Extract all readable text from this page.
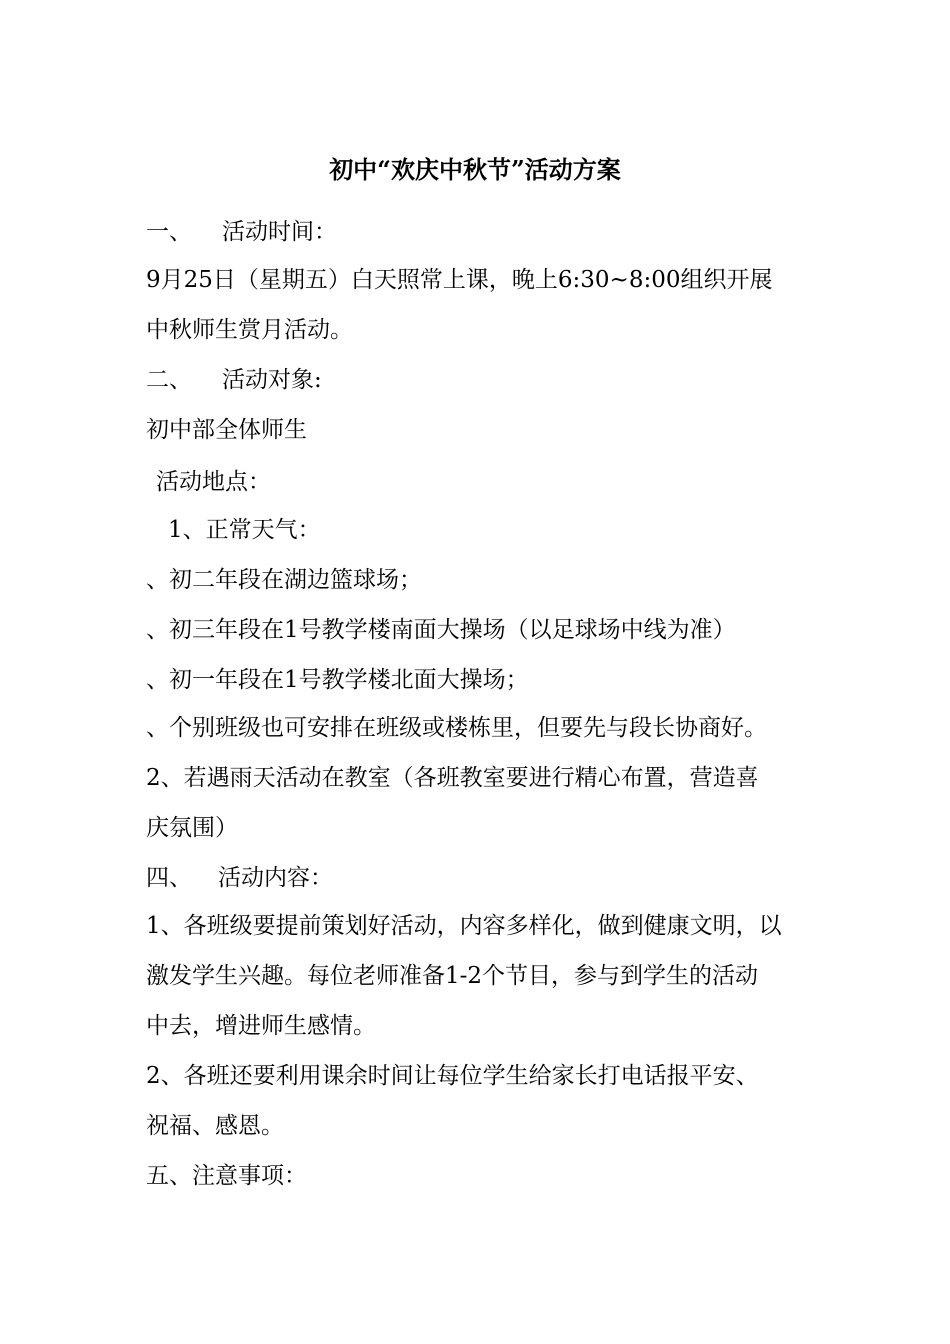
初中“欢庆中秋节”活动方案
一、 活动时间：
9月25日（星期五）白天照常上课，晚上6:30~8:00组织开展
中秋师生赏月活动。
二、 活动对象:
初中部全体师生
活动地点：
1、正常天气：
、初二年段在湖边篮球场；
、初三年段在1号教学楼南面大操场（以足球场中线为准）
、初一年段在1号教学楼北面大操场；
、个别班级也可安排在班级或楼栋里，但要先与段长协商好。
2、若遇雨天活动在教室（各班教室要进行精心布置，营造喜
庆氛围）
四、 活动内容：
1、各班级要提前策划好活动，内容多样化，做到健康文明，以
激发学生兴趣。每位老师准备1-2个节目，参与到学生的活动
中去，增进师生感情。
2、各班还要利用课余时间让每位学生给家长打电话报平安、
祝福、感恩。
五、注意事项：
